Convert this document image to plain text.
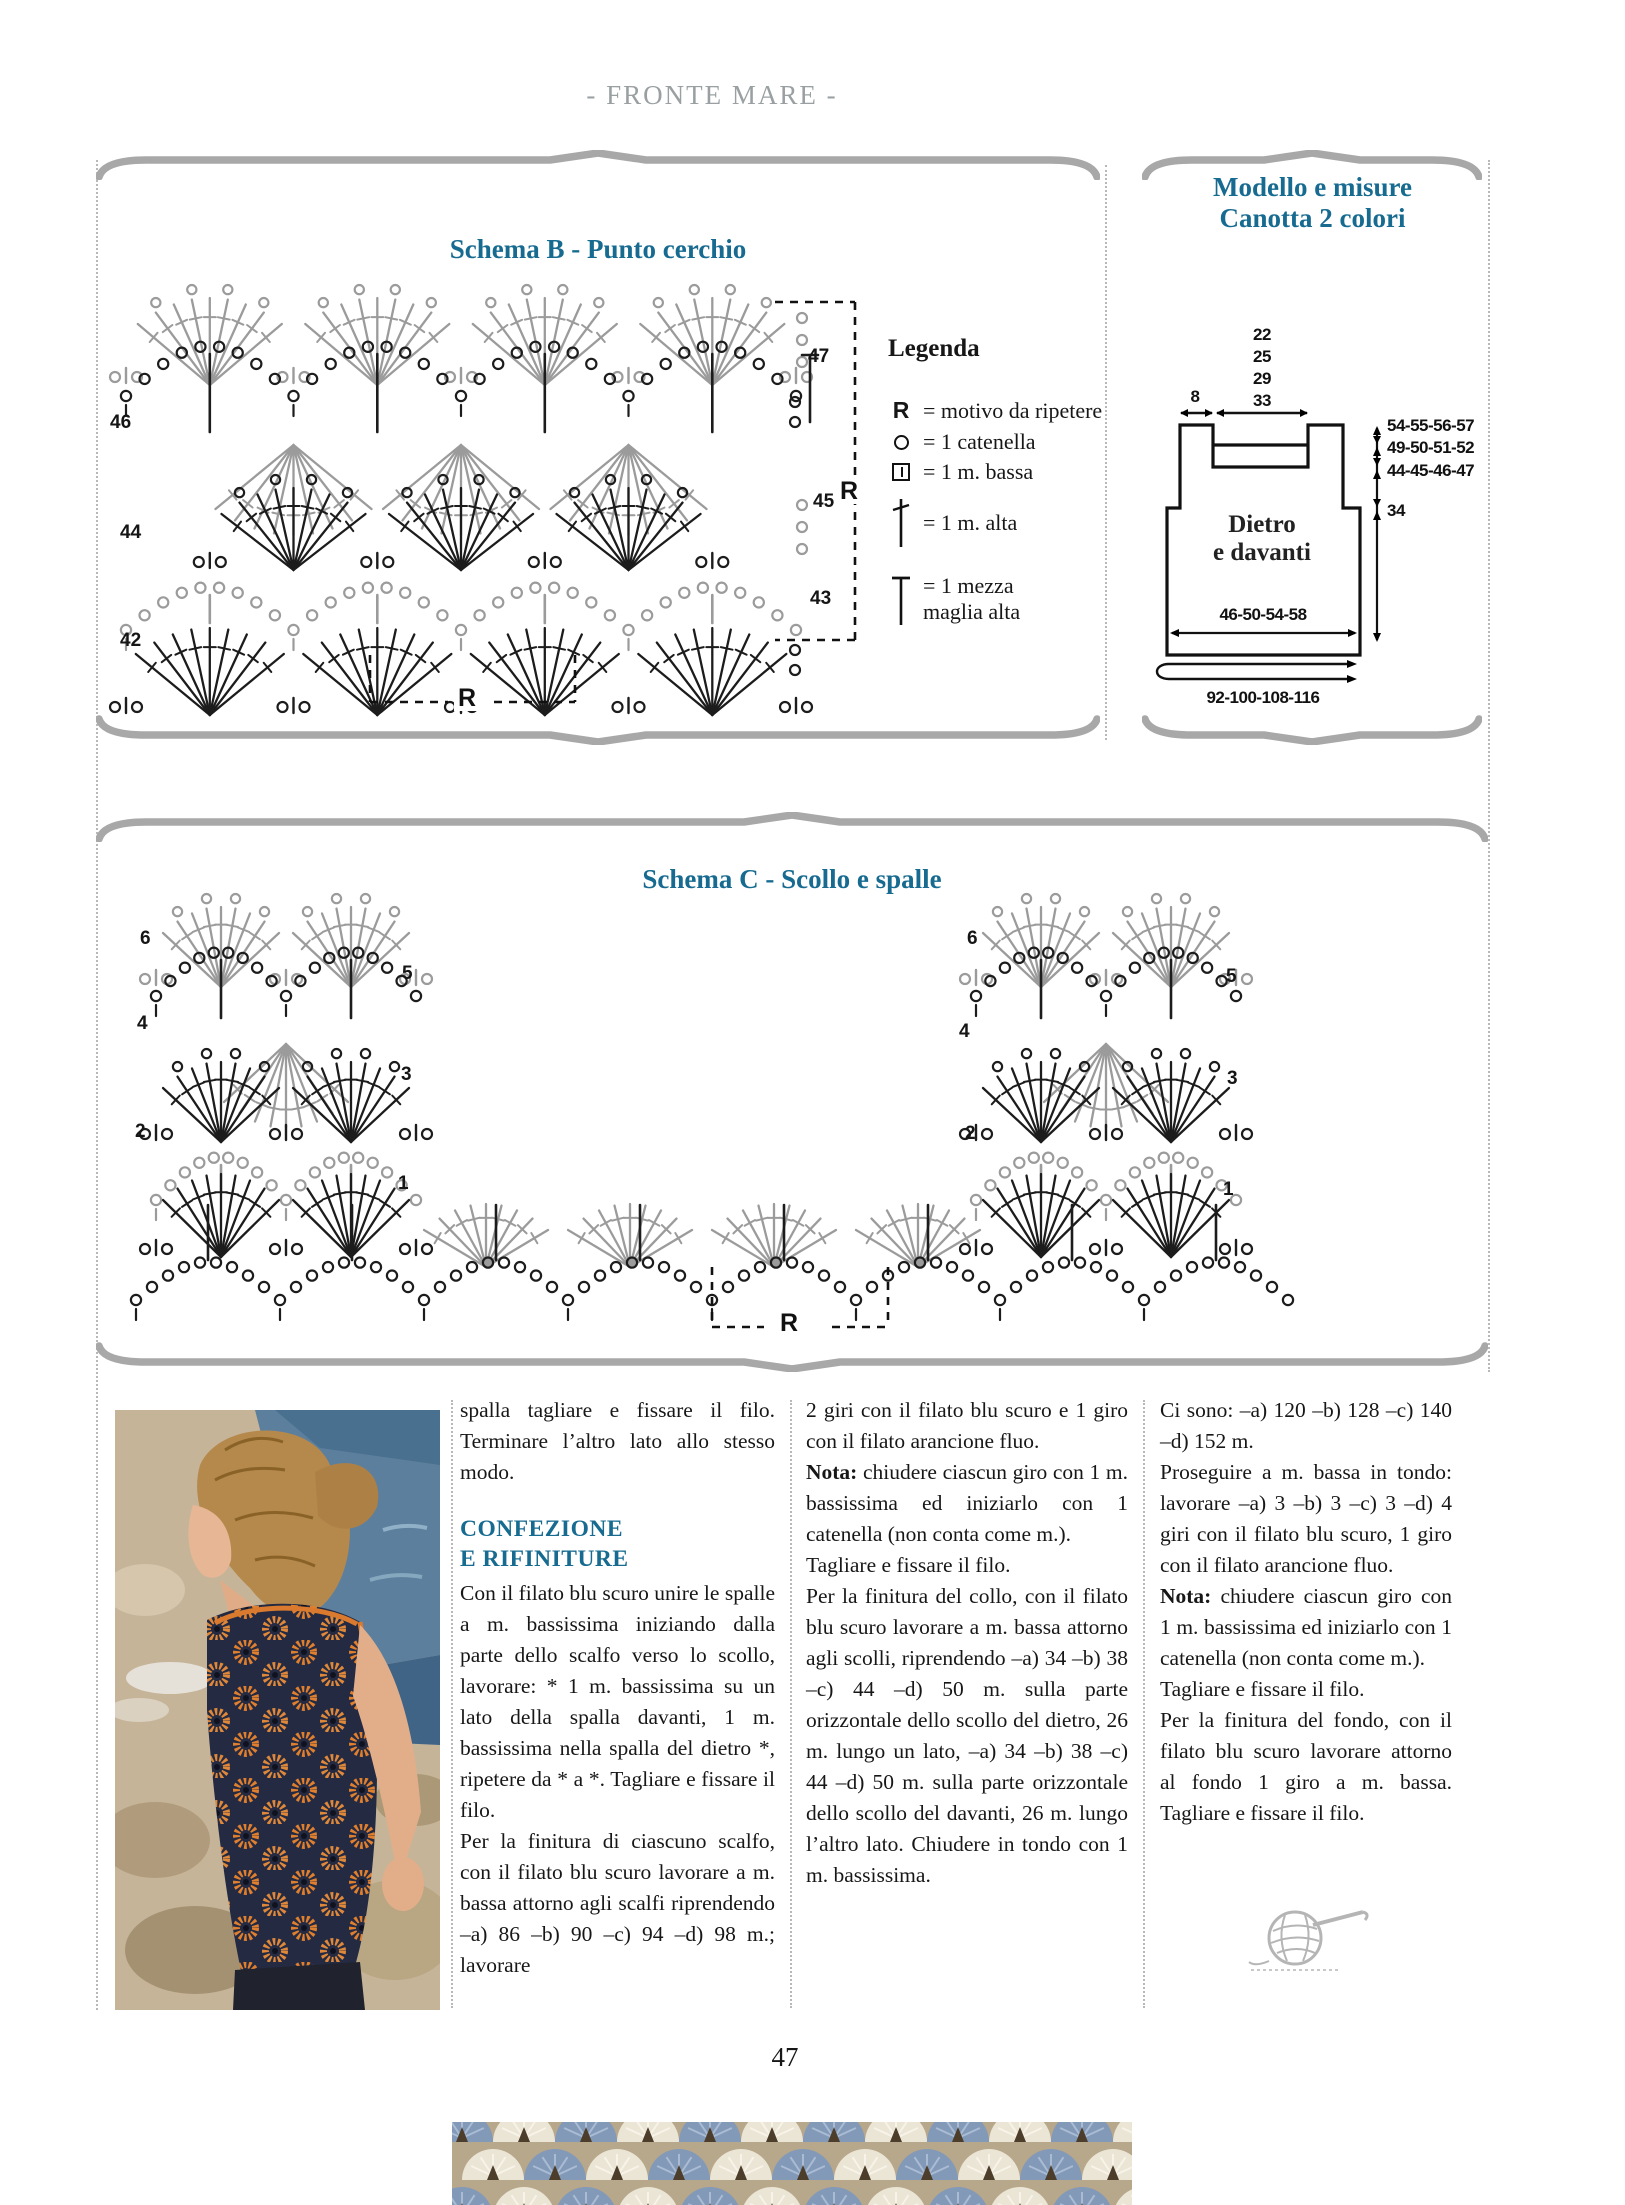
- FRONTE MARE -
Schema B - Punto cerchio
Legenda
R = motivo da ripetere
= 1 catenella
= 1 m. bassa
= 1 m. alta
= 1 mezza maglia alta
46
44
42
47
45
43
R
R
Modello e misure
Canotta 2 colori
22
25
29
33
8
54-55-56-57
49-50-51-52
44-45-46-47
34
Dietro
e davanti
46-50-54-58
92-100-108-116
Schema C - Scollo e spalle
6
4
2
5
3
1
6
4
2
5
3
1
R

spalla tagliare e fissare il filo. Terminare l’altro lato allo stesso modo.

CONFEZIONE
E RIFINITURE

Con il filato blu scuro unire le spalle a m. bassissima iniziando dalla parte dello scalfo verso lo scollo, lavorare: * 1 m. bassissima su un lato della spalla davanti, 1 m. bassissima nella spalla del dietro *, ripetere da * a *. Tagliare e fissare il filo.

Per la finitura di ciascuno scalfo, con il filato blu scuro lavorare a m. bassa attorno agli scalfi riprendendo –a) 86 –b) 90 –c) 94 –d) 98 m.; lavorare

2 giri con il filato blu scuro e 1 giro con il filato arancione fluo.

Nota: chiudere ciascun giro con 1 m. bassissima ed iniziarlo con 1 catenella (non conta come m.).

Tagliare e fissare il filo.

Per la finitura del collo, con il filato blu scuro lavorare a m. bassa attorno agli scolli, riprendendo –a) 34 –b) 38 –c) 44 –d) 50 m. sulla parte orizzontale dello scollo del dietro, 26 m. lungo un lato, –a) 34 –b) 38 –c) 44 –d) 50 m. sulla parte orizzontale dello scollo del davanti, 26 m. lungo l’altro lato. Chiudere in tondo con 1 m. bassissima.

Ci sono: –a) 120 –b) 128 –c) 140 –d) 152 m.

Proseguire a m. bassa in tondo: lavorare –a) 3 –b) 3 –c) 3 –d) 4 giri con il filato blu scuro, 1 giro con il filato arancione fluo.

Nota: chiudere ciascun giro con 1 m. bassissima ed iniziarlo con 1 catenella (non conta come m.).

Tagliare e fissare il filo.

Per la finitura del fondo, con il filato blu scuro lavorare attorno al fondo 1 giro a m. bassa. Tagliare e fissare il filo.

47
